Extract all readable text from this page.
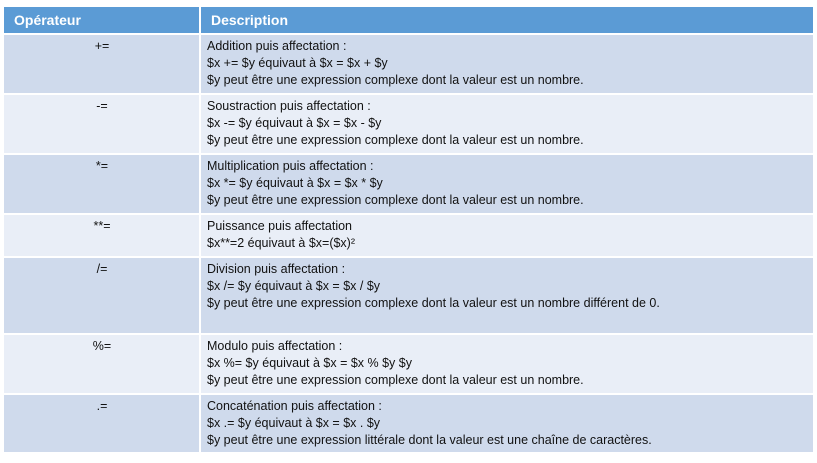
Opérateur	Description
+=	Addition puis affectation :
$x += $y équivaut à $x = $x + $y
$y peut être une expression complexe dont la valeur est un nombre.

-=	Soustraction puis affectation :
$x -= $y équivaut à $x = $x - $y
$y peut être une expression complexe dont la valeur est un nombre.

*=	Multiplication puis affectation :
$x *= $y équivaut à $x = $x * $y
$y peut être une expression complexe dont la valeur est un nombre.

**=	Puissance puis affectation
$x**=2 équivaut à $x=($x)²

/=	Division puis affectation :
$x /= $y équivaut à $x = $x / $y
$y peut être une expression complexe dont la valeur est un nombre différent de 0.

%=	Modulo puis affectation :
$x %= $y équivaut à $x = $x % $y $y
$y peut être une expression complexe dont la valeur est un nombre.

.=	Concaténation puis affectation :
$x .= $y équivaut à $x = $x . $y
$y peut être une expression littérale dont la valeur est une chaîne de caractères.
